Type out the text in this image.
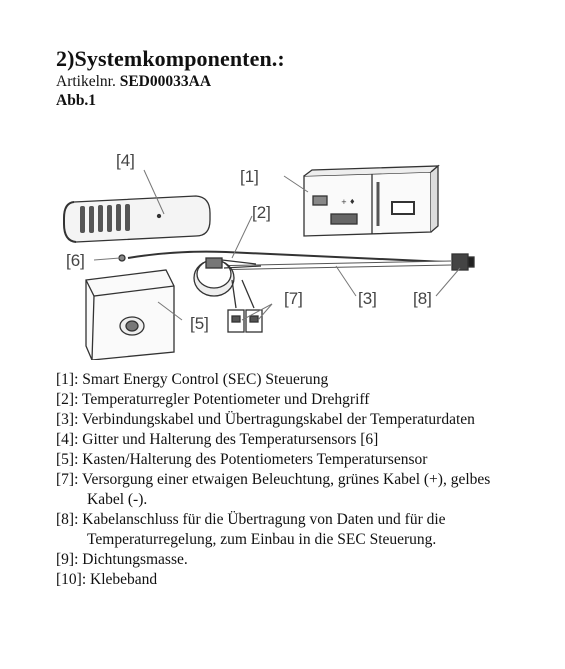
2)Systemkomponenten.:
Artikelnr. SED00033AA
Abb.1
+ ♦
[4]
[1]
[2]
[6]
[7]	[3] [8]
[5]

[1]: Smart Energy Control (SEC) Steuerung

[2]: Temperaturregler Potentiometer und Drehgriff

[3]: Verbindungskabel und Übertragungskabel der Temperaturdaten

[4]: Gitter und Halterung des Temperatursensors [6]

[5]: Kasten/Halterung des Potentiometers Temperatursensor

[7]: Versorgung einer etwaigen Beleuchtung, grünes Kabel (+), gelbes Kabel (-).

[8]: Kabelanschluss für die Übertragung von Daten und für die Temperaturregelung, zum Einbau in die SEC Steuerung.

[9]: Dichtungsmasse.

[10]: Klebeband
